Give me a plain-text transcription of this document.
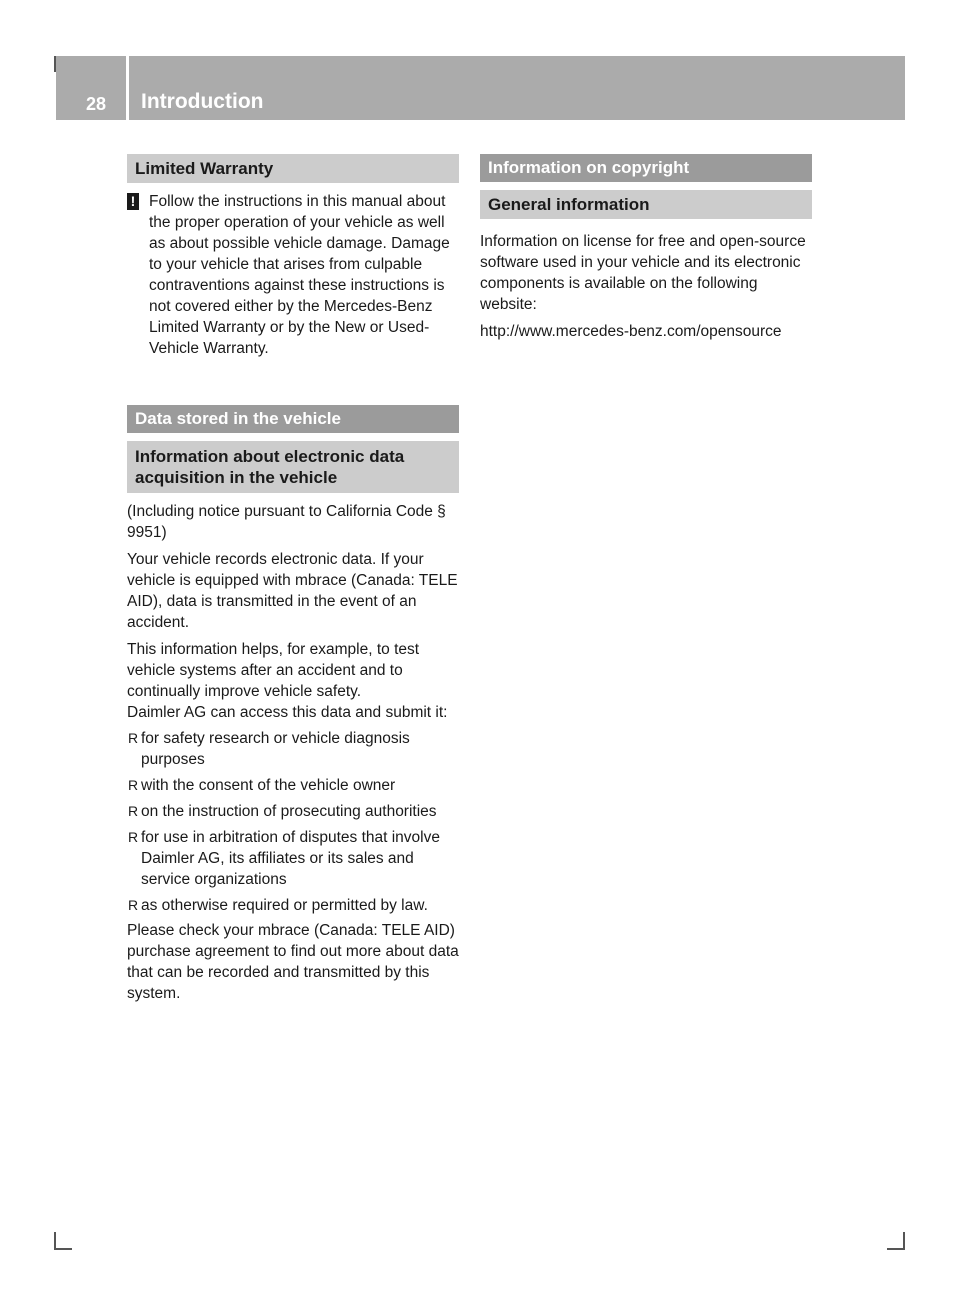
28 Introduction
Limited Warranty
! Follow the instructions in this manual about the proper operation of your vehicle as well as about possible vehicle damage. Damage to your vehicle that arises from culpable contraventions against these instructions is not covered either by the Mercedes-Benz Limited Warranty or by the New or Used-Vehicle Warranty.

Data stored in the vehicle
Information about electronic data acquisition in the vehicle

(Including notice pursuant to California Code § 9951)

Your vehicle records electronic data. If your vehicle is equipped with mbrace (Canada: TELE AID), data is transmitted in the event of an accident.

This information helps, for example, to test vehicle systems after an accident and to continually improve vehicle safety.

Daimler AG can access this data and submit it:

R for safety research or vehicle diagnosis purposes

R with the consent of the vehicle owner

R on the instruction of prosecuting authorities

R for use in arbitration of disputes that involve Daimler AG, its affiliates or its sales and service organizations

R as otherwise required or permitted by law.

Please check your mbrace (Canada: TELE AID) purchase agreement to find out more about data that can be recorded and transmitted by this system.

Information on copyright
General information

Information on license for free and open-source software used in your vehicle and its electronic components is available on the following website:

http://www.mercedes-benz.com/opensource
